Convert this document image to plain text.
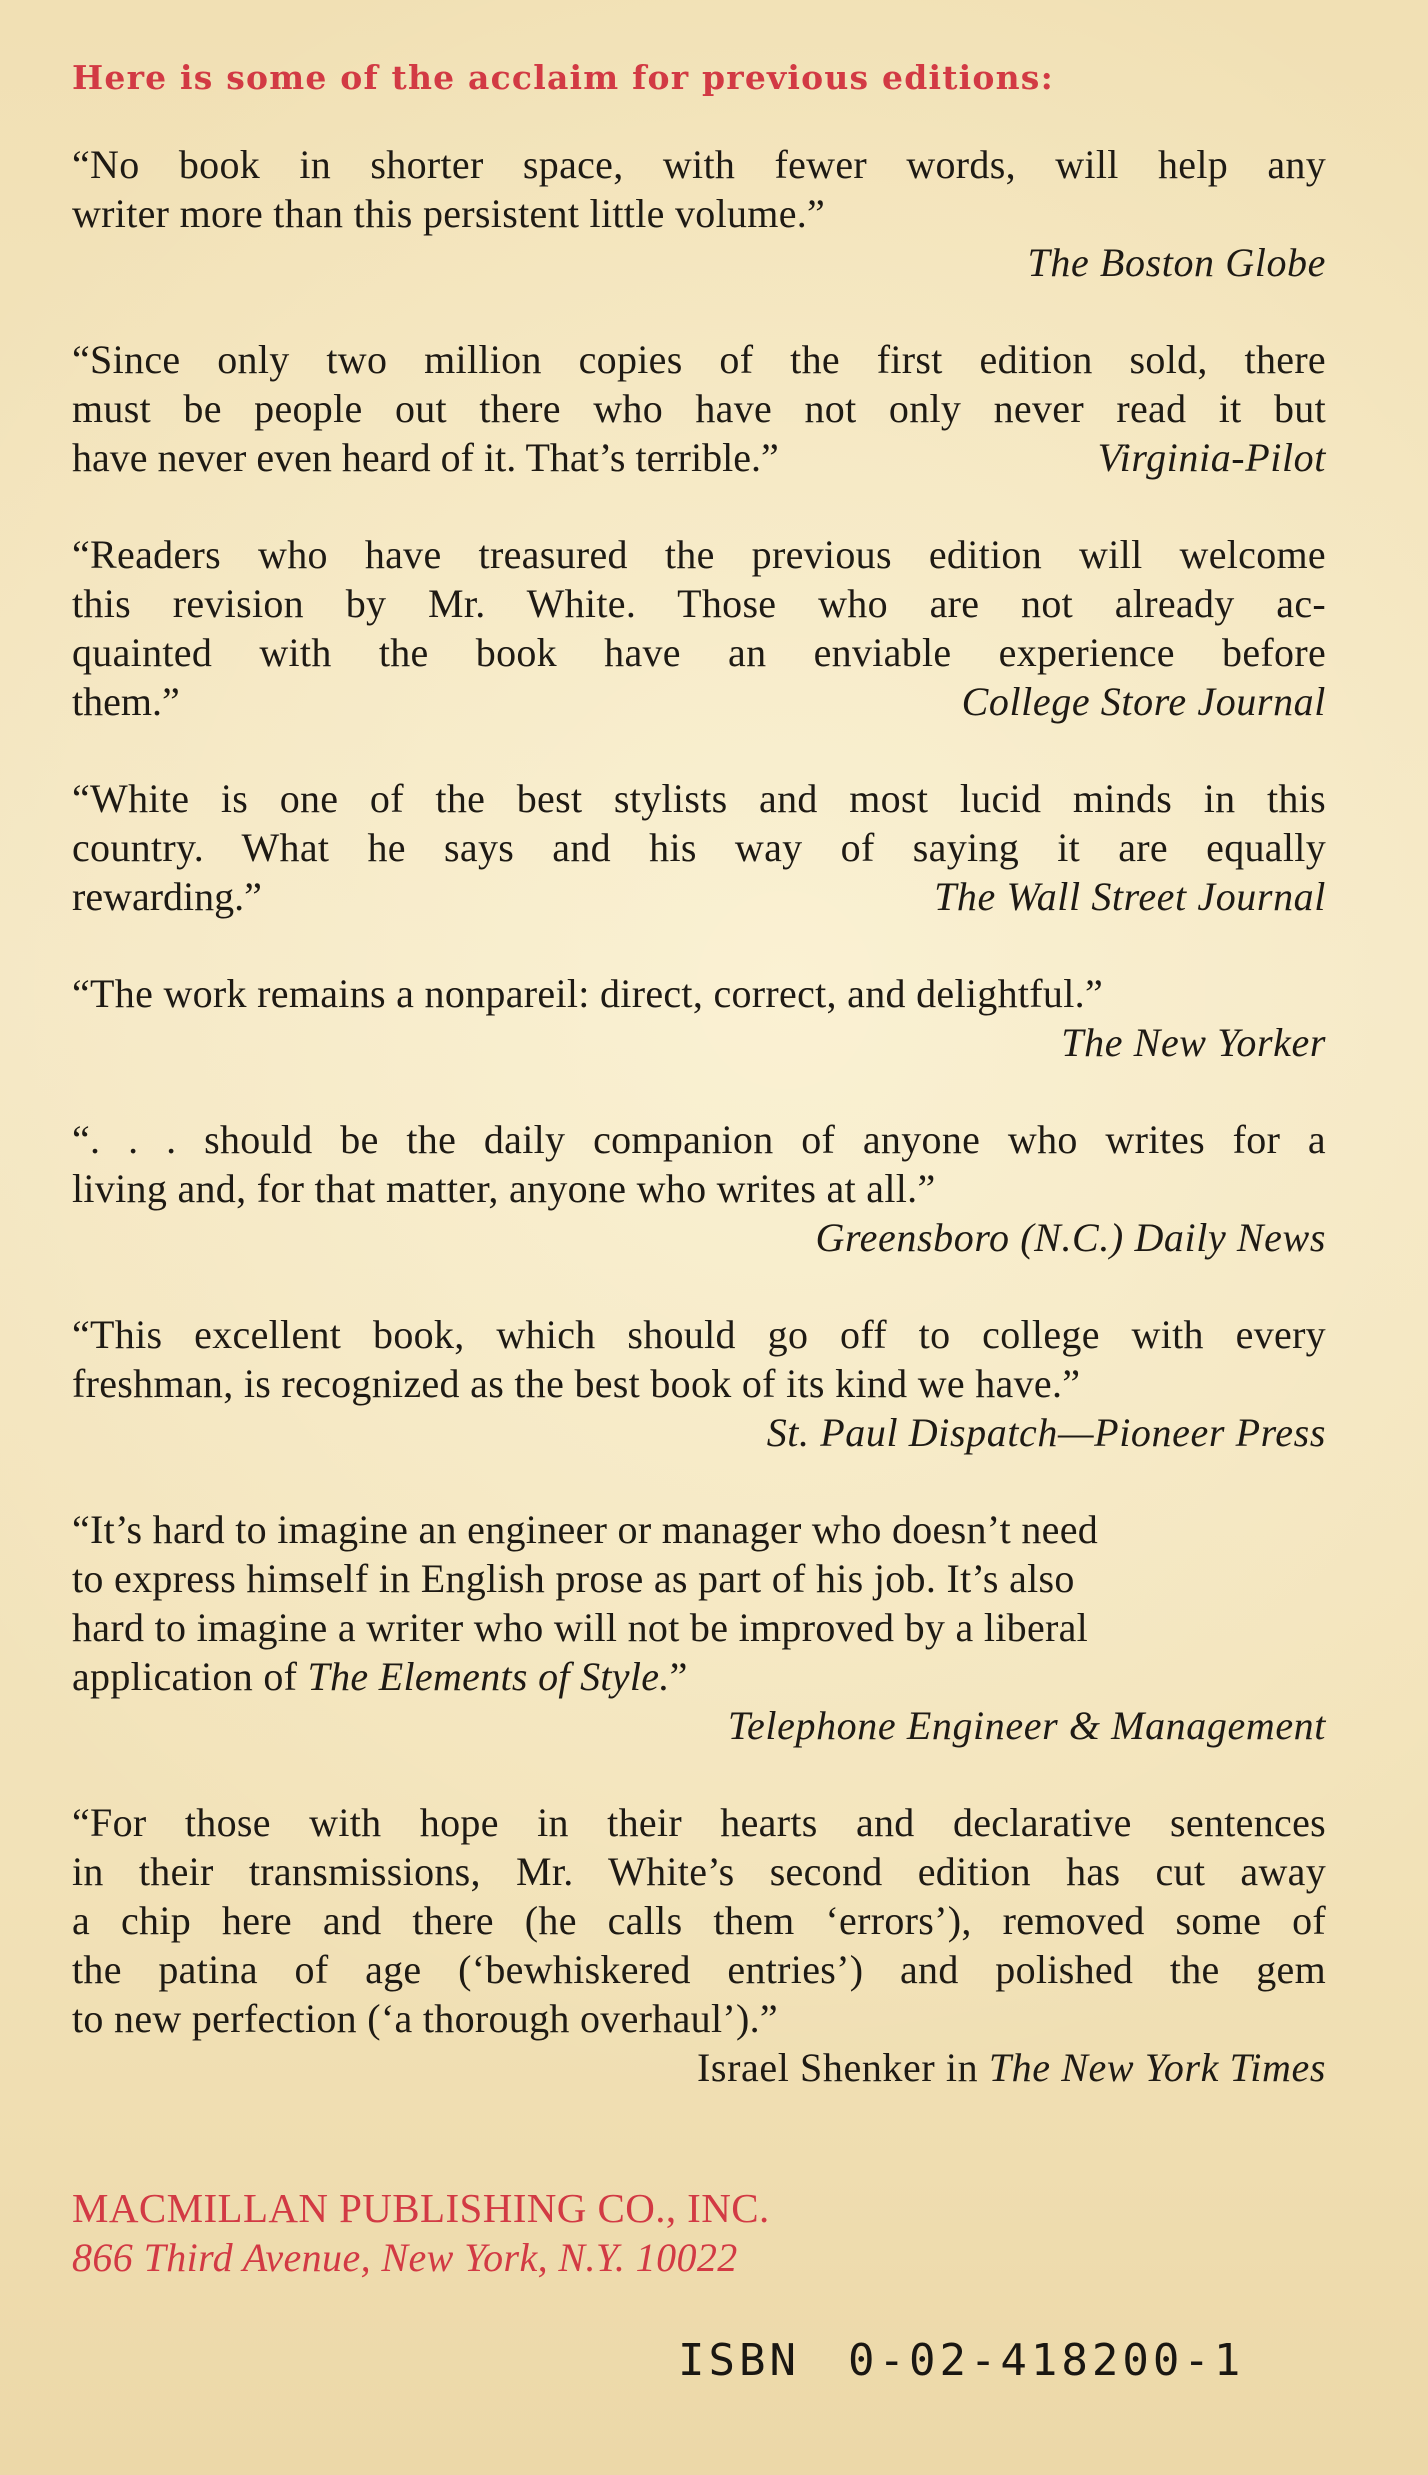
Here is some of the acclaim for previous editions:

“No book in shorter space, with fewer words, will help any

writer more than this persistent little volume.”

The Boston Globe

“Since only two million copies of the first edition sold, there

must be people out there who have not only never read it but

have never even heard of it. That’s terrible.”	Virginia-Pilot

“Readers who have treasured the previous edition will welcome

this revision by Mr. White. Those who are not already ac-

quainted with the book have an enviable experience before

them.”	College Store Journal

“White is one of the best stylists and most lucid minds in this

country. What he says and his way of saying it are equally

rewarding.”	The Wall Street Journal

“The work remains a nonpareil: direct, correct, and delightful.”

The New Yorker

“. . . should be the daily companion of anyone who writes for a

living and, for that matter, anyone who writes at all.”

Greensboro (N.C.) Daily News

“This excellent book, which should go off to college with every

freshman, is recognized as the best book of its kind we have.”

St. Paul Dispatch—Pioneer Press

“It’s hard to imagine an engineer or manager who doesn’t need

to express himself in English prose as part of his job. It’s also

hard to imagine a writer who will not be improved by a liberal

application of The Elements of Style.”

Telephone Engineer & Management

“For those with hope in their hearts and declarative sentences

in their transmissions, Mr. White’s second edition has cut away

a chip here and there (he calls them ‘errors’), removed some of

the patina of age (‘bewhiskered entries’) and polished the gem

to new perfection (‘a thorough overhaul’).”

Israel Shenker in The New York Times

MACMILLAN PUBLISHING CO., INC.
866 Third Avenue, New York, N.Y. 10022
ISBN 0-02-418200-1
